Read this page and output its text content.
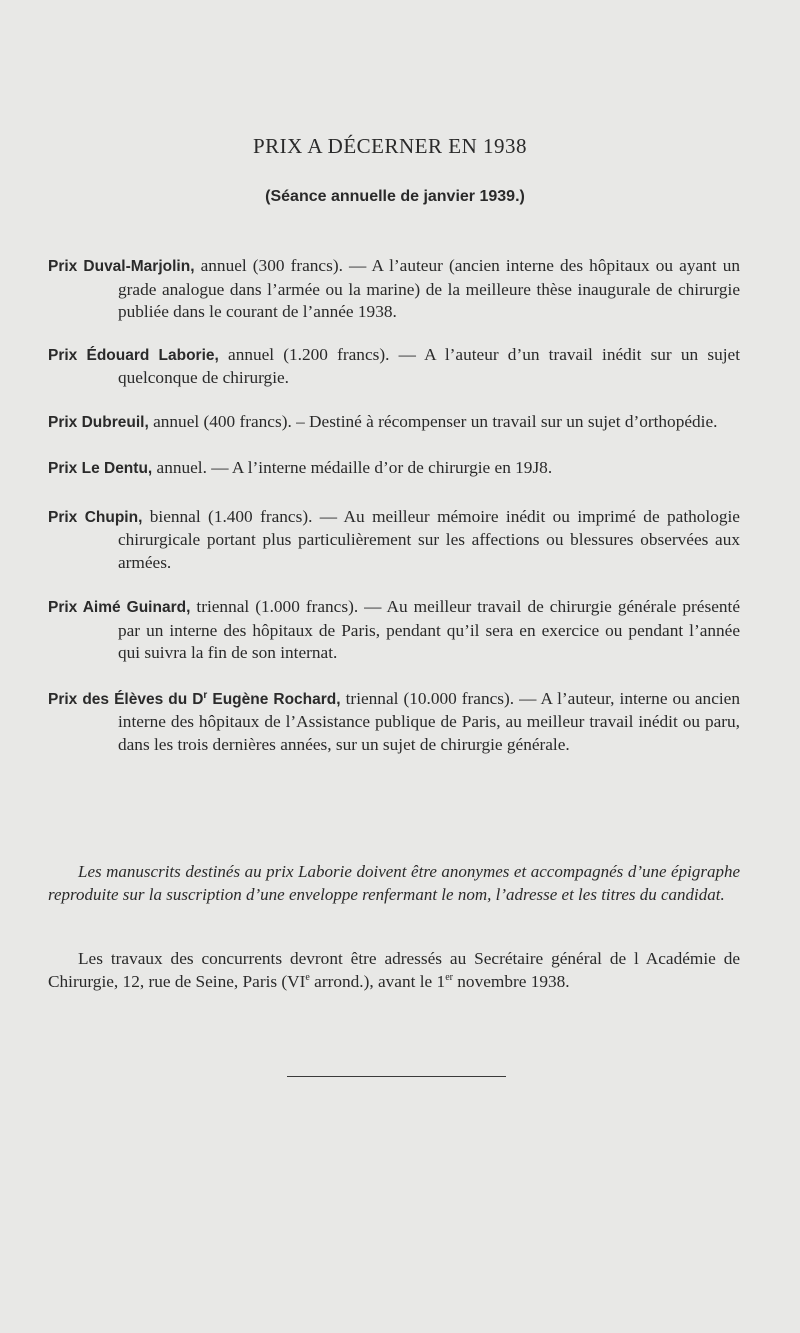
PRIX A DÉCERNER EN 1938
(Séance annuelle de janvier 1939.)

Prix Duval-Marjolin, annuel (300 francs). — A l’auteur (ancien interne des hôpitaux ou ayant un grade analogue dans l’armée ou la marine) de la meilleure thèse inaugurale de chirurgie publiée dans le courant de l’année 1938.

Prix Édouard Laborie, annuel (1.200 francs). — A l’auteur d’un travail inédit sur un sujet quelconque de chirurgie.

Prix Dubreuil, annuel (400 francs). – Destiné à récompenser un travail sur un sujet d’orthopédie.

Prix Le Dentu, annuel. — A l’interne médaille d’or de chirurgie en 19J8.

Prix Chupin, biennal (1.400 francs). — Au meilleur mémoire inédit ou imprimé de pathologie chirurgicale portant plus particulièrement sur les affections ou blessures observées aux armées.

Prix Aimé Guinard, triennal (1.000 francs). — Au meilleur travail de chirurgie générale présenté par un interne des hôpitaux de Paris, pendant qu’il sera en exercice ou pendant l’année qui suivra la fin de son internat.

Prix des Élèves du $D^r$ Eugène Rochard, triennal (10.000 francs). — A l’auteur, interne ou ancien interne des hôpitaux de l’Assistance publique de Paris, au meilleur travail inédit ou paru, dans les trois dernières années, sur un sujet de chirurgie générale.

Les manuscrits destinés au prix Laborie doivent être anonymes et accompagnés d’une épigraphe reproduite sur la suscription d’une enveloppe renfermant le nom, l’adresse et les titres du candidat.

Les travaux des concurrents devront être adressés au Secrétaire général de l Académie de Chirurgie, 12, rue de Seine, Paris (VIe arrond.), avant le 1er novembre 1938.
